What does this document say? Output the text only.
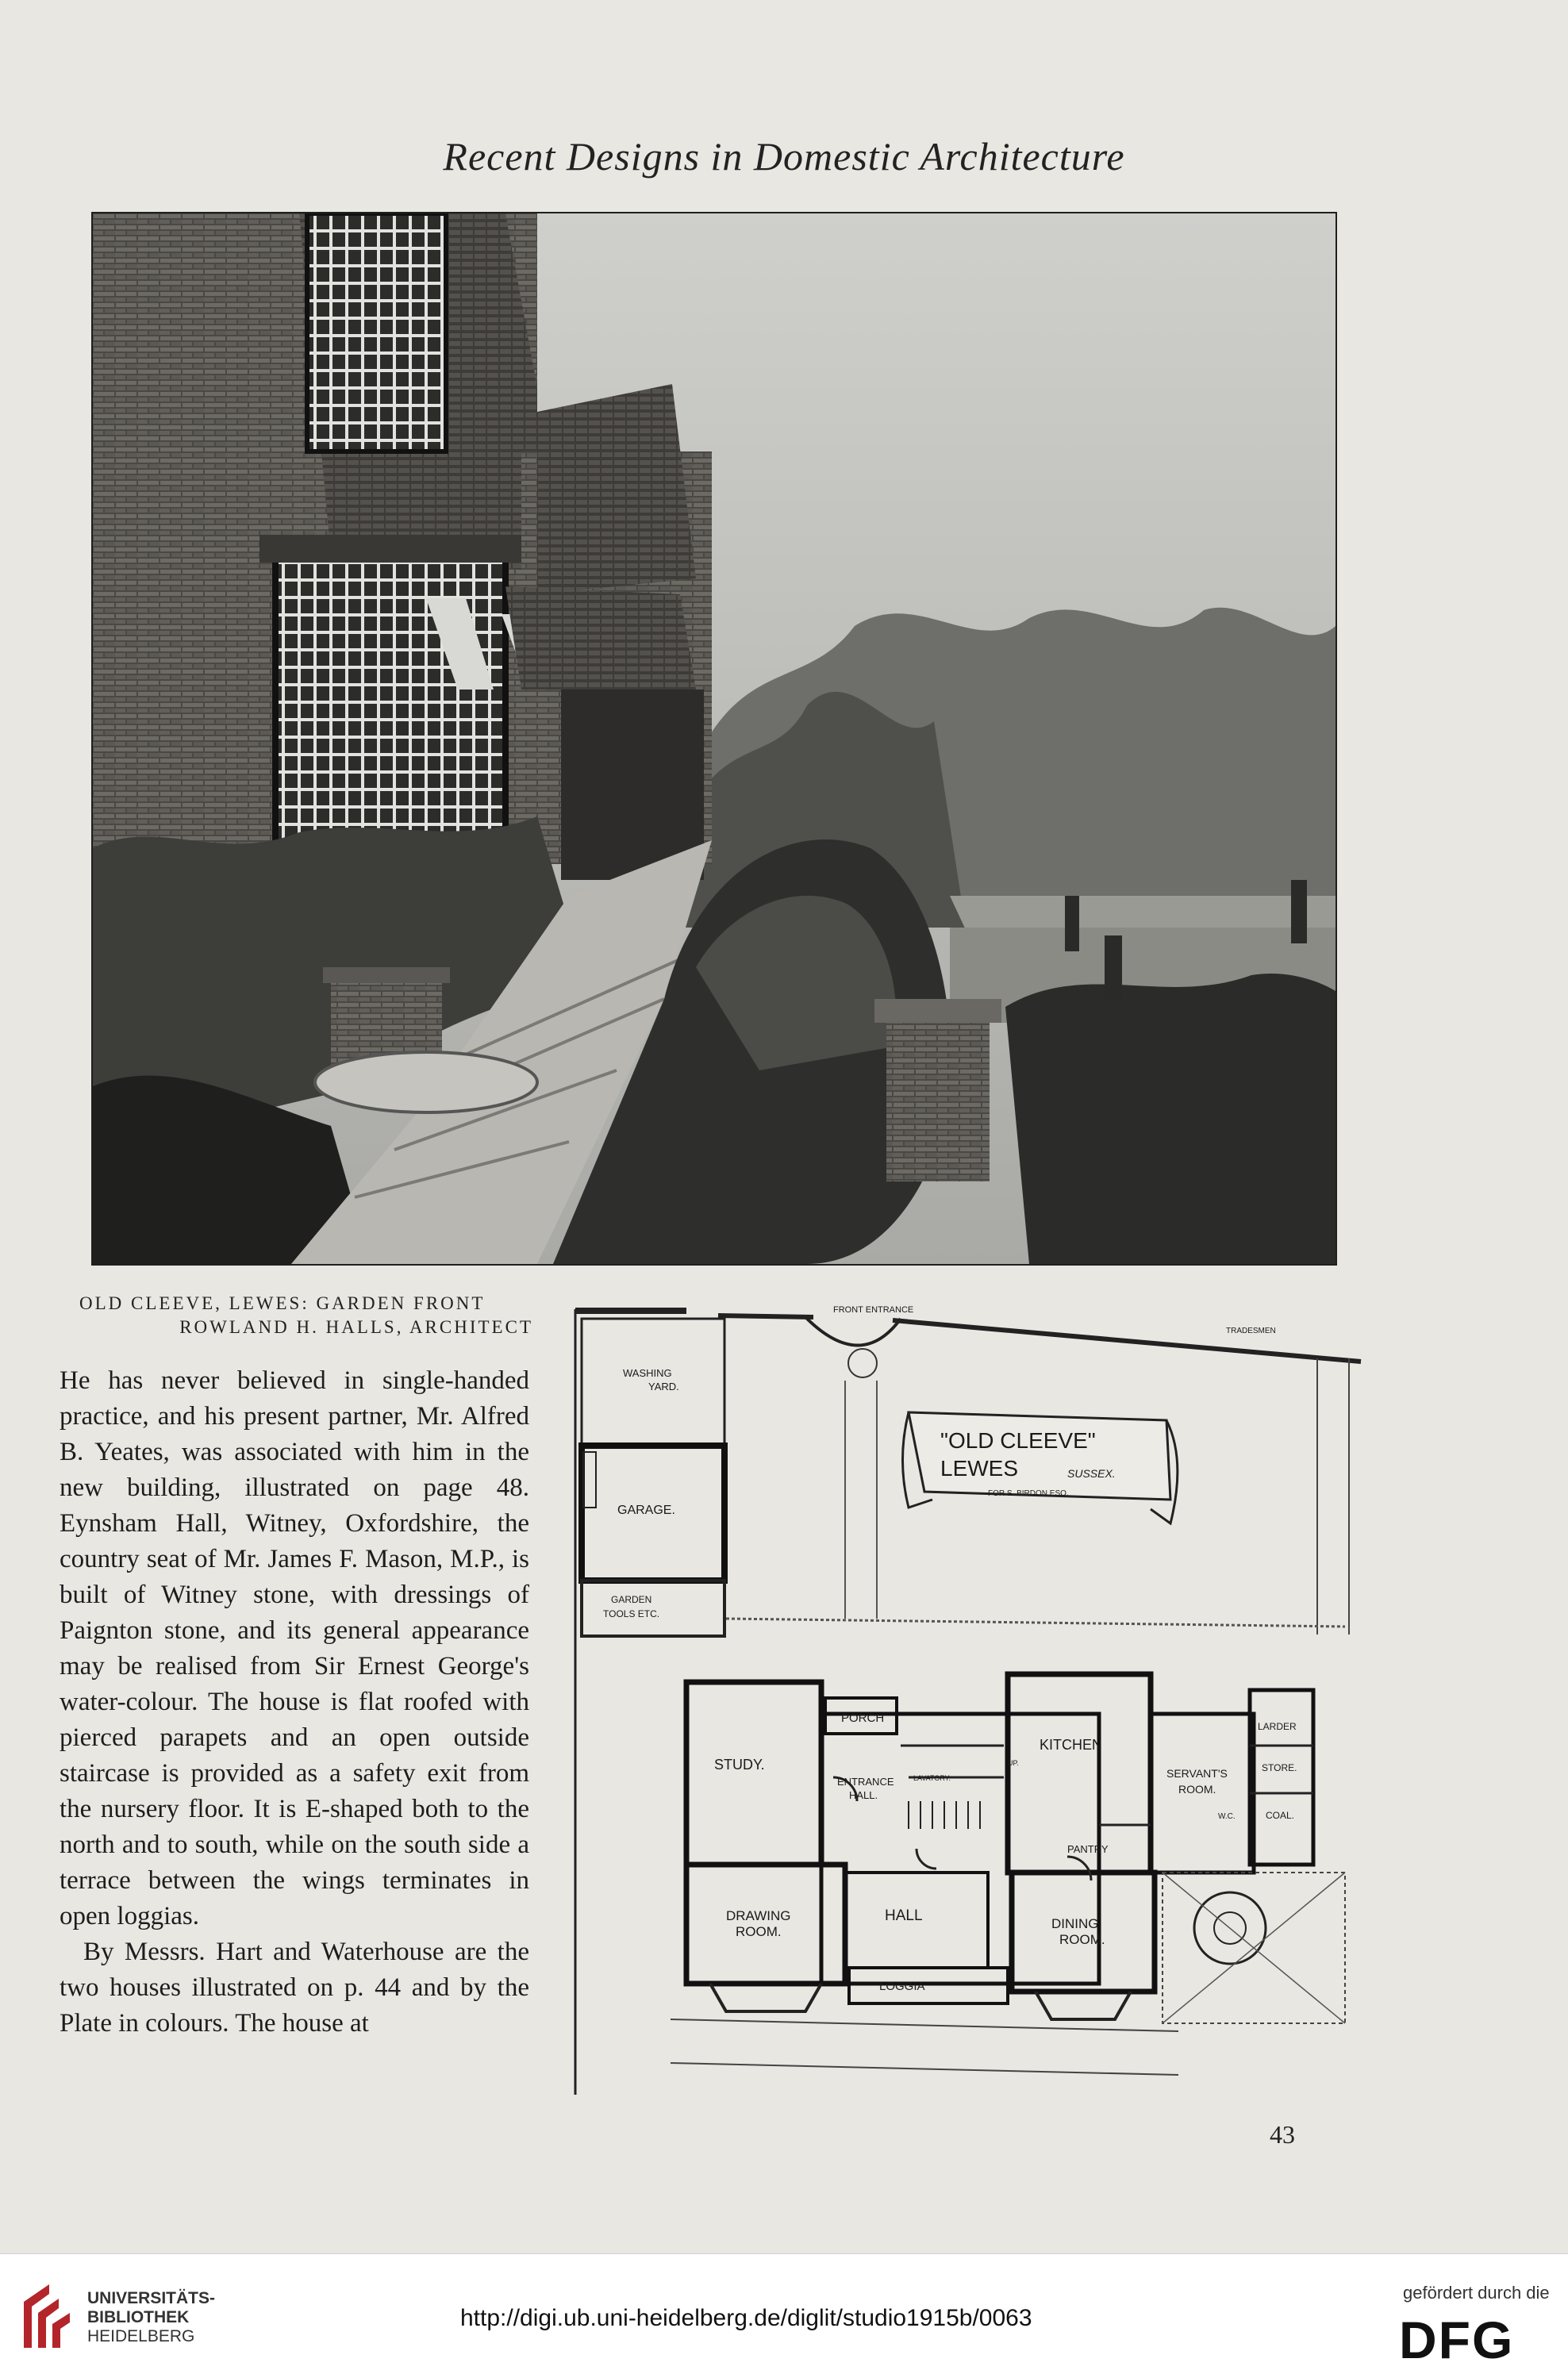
Recent Designs in Domestic Architecture
OLD CLEEVE, LEWES: GARDEN FRONT
ROWLAND H. HALLS, ARCHITECT

He has never believed in single-handed practice, and his present partner, Mr. Alfred B. Yeates, was associated with him in the new building, illustrated on page 48. Eynsham Hall, Witney, Oxfordshire, the country seat of Mr. James F. Mason, M.P., is built of Witney stone, with dressings of Paignton stone, and its general appearance may be realised from Sir Ernest George's water-colour. The house is flat roofed with pierced parapets and an open outside staircase is provided as a safety exit from the nursery floor. It is E-shaped both to the north and to south, while on the south side a terrace between the wings terminates in open loggias.

By Messrs. Hart and Waterhouse are the two houses illustrated on p. 44 and by the Plate in colours. The house at

WASHING
YARD.
GARAGE.
GARDEN
TOOLS ETC.
FRONT ENTRANCE
TRADESMEN
"OLD CLEEVE"
LEWES	SUSSEX.
FOR S. BIRDON ESQ.
PORCH
STUDY.
ENTRANCE
HALL.
LAVATORY.
KITCHEN
SERVANT'S
ROOM.
LARDER
STORE.
COAL.
W.C.
PANTRY
DRAWING
ROOM.
HALL	DINING
ROOM.
LOGGIA
UP.
43
UNIVERSITÄTS-
BIBLIOTHEK
HEIDELBERG
http://digi.ub.uni-heidelberg.de/diglit/studio1915b/0063
gefördert durch die
DFG
